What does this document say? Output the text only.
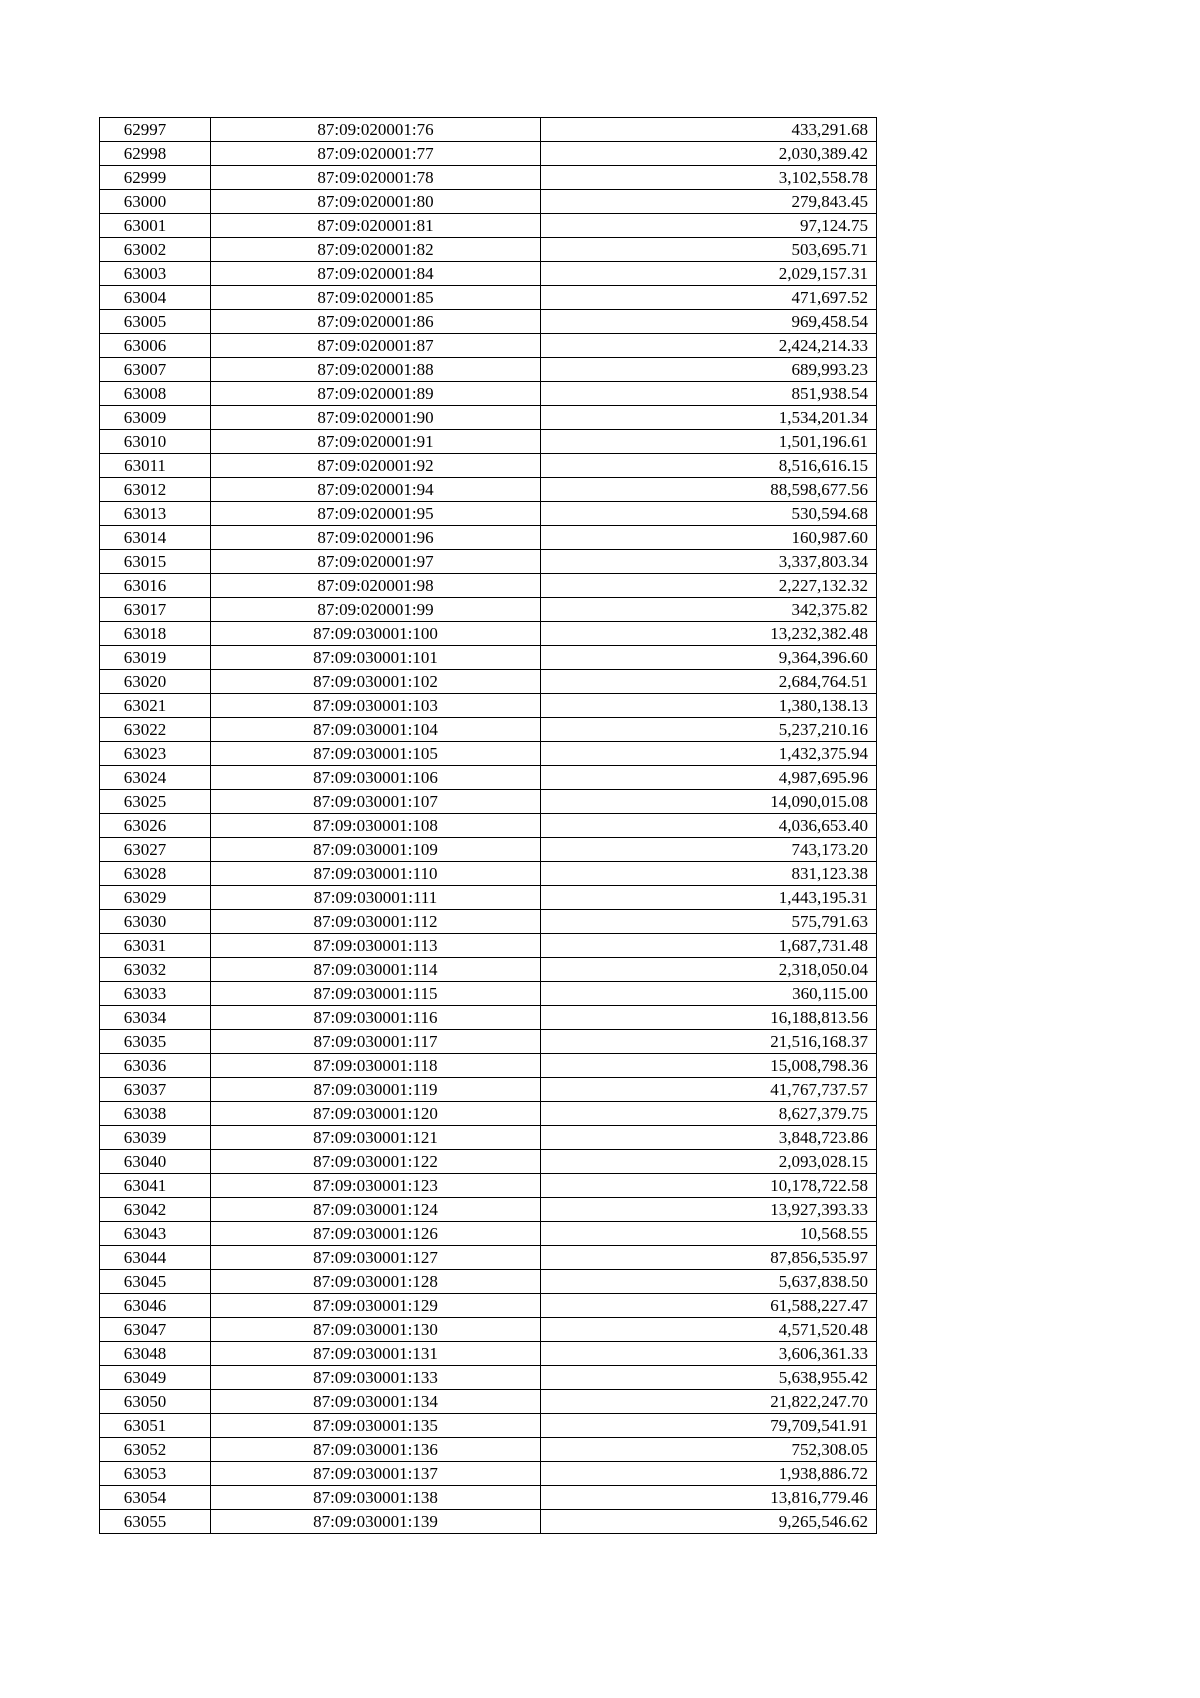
62997	87:09:020001:76	433,291.68
62998	87:09:020001:77	2,030,389.42
62999	87:09:020001:78	3,102,558.78
63000	87:09:020001:80	279,843.45
63001	87:09:020001:81	97,124.75
63002	87:09:020001:82	503,695.71
63003	87:09:020001:84	2,029,157.31
63004	87:09:020001:85	471,697.52
63005	87:09:020001:86	969,458.54
63006	87:09:020001:87	2,424,214.33
63007	87:09:020001:88	689,993.23
63008	87:09:020001:89	851,938.54
63009	87:09:020001:90	1,534,201.34
63010	87:09:020001:91	1,501,196.61
63011	87:09:020001:92	8,516,616.15
63012	87:09:020001:94	88,598,677.56
63013	87:09:020001:95	530,594.68
63014	87:09:020001:96	160,987.60
63015	87:09:020001:97	3,337,803.34
63016	87:09:020001:98	2,227,132.32
63017	87:09:020001:99	342,375.82
63018	87:09:030001:100	13,232,382.48
63019	87:09:030001:101	9,364,396.60
63020	87:09:030001:102	2,684,764.51
63021	87:09:030001:103	1,380,138.13
63022	87:09:030001:104	5,237,210.16
63023	87:09:030001:105	1,432,375.94
63024	87:09:030001:106	4,987,695.96
63025	87:09:030001:107	14,090,015.08
63026	87:09:030001:108	4,036,653.40
63027	87:09:030001:109	743,173.20
63028	87:09:030001:110	831,123.38
63029	87:09:030001:111	1,443,195.31
63030	87:09:030001:112	575,791.63
63031	87:09:030001:113	1,687,731.48
63032	87:09:030001:114	2,318,050.04
63033	87:09:030001:115	360,115.00
63034	87:09:030001:116	16,188,813.56
63035	87:09:030001:117	21,516,168.37
63036	87:09:030001:118	15,008,798.36
63037	87:09:030001:119	41,767,737.57
63038	87:09:030001:120	8,627,379.75
63039	87:09:030001:121	3,848,723.86
63040	87:09:030001:122	2,093,028.15
63041	87:09:030001:123	10,178,722.58
63042	87:09:030001:124	13,927,393.33
63043	87:09:030001:126	10,568.55
63044	87:09:030001:127	87,856,535.97
63045	87:09:030001:128	5,637,838.50
63046	87:09:030001:129	61,588,227.47
63047	87:09:030001:130	4,571,520.48
63048	87:09:030001:131	3,606,361.33
63049	87:09:030001:133	5,638,955.42
63050	87:09:030001:134	21,822,247.70
63051	87:09:030001:135	79,709,541.91
63052	87:09:030001:136	752,308.05
63053	87:09:030001:137	1,938,886.72
63054	87:09:030001:138	13,816,779.46
63055	87:09:030001:139	9,265,546.62
